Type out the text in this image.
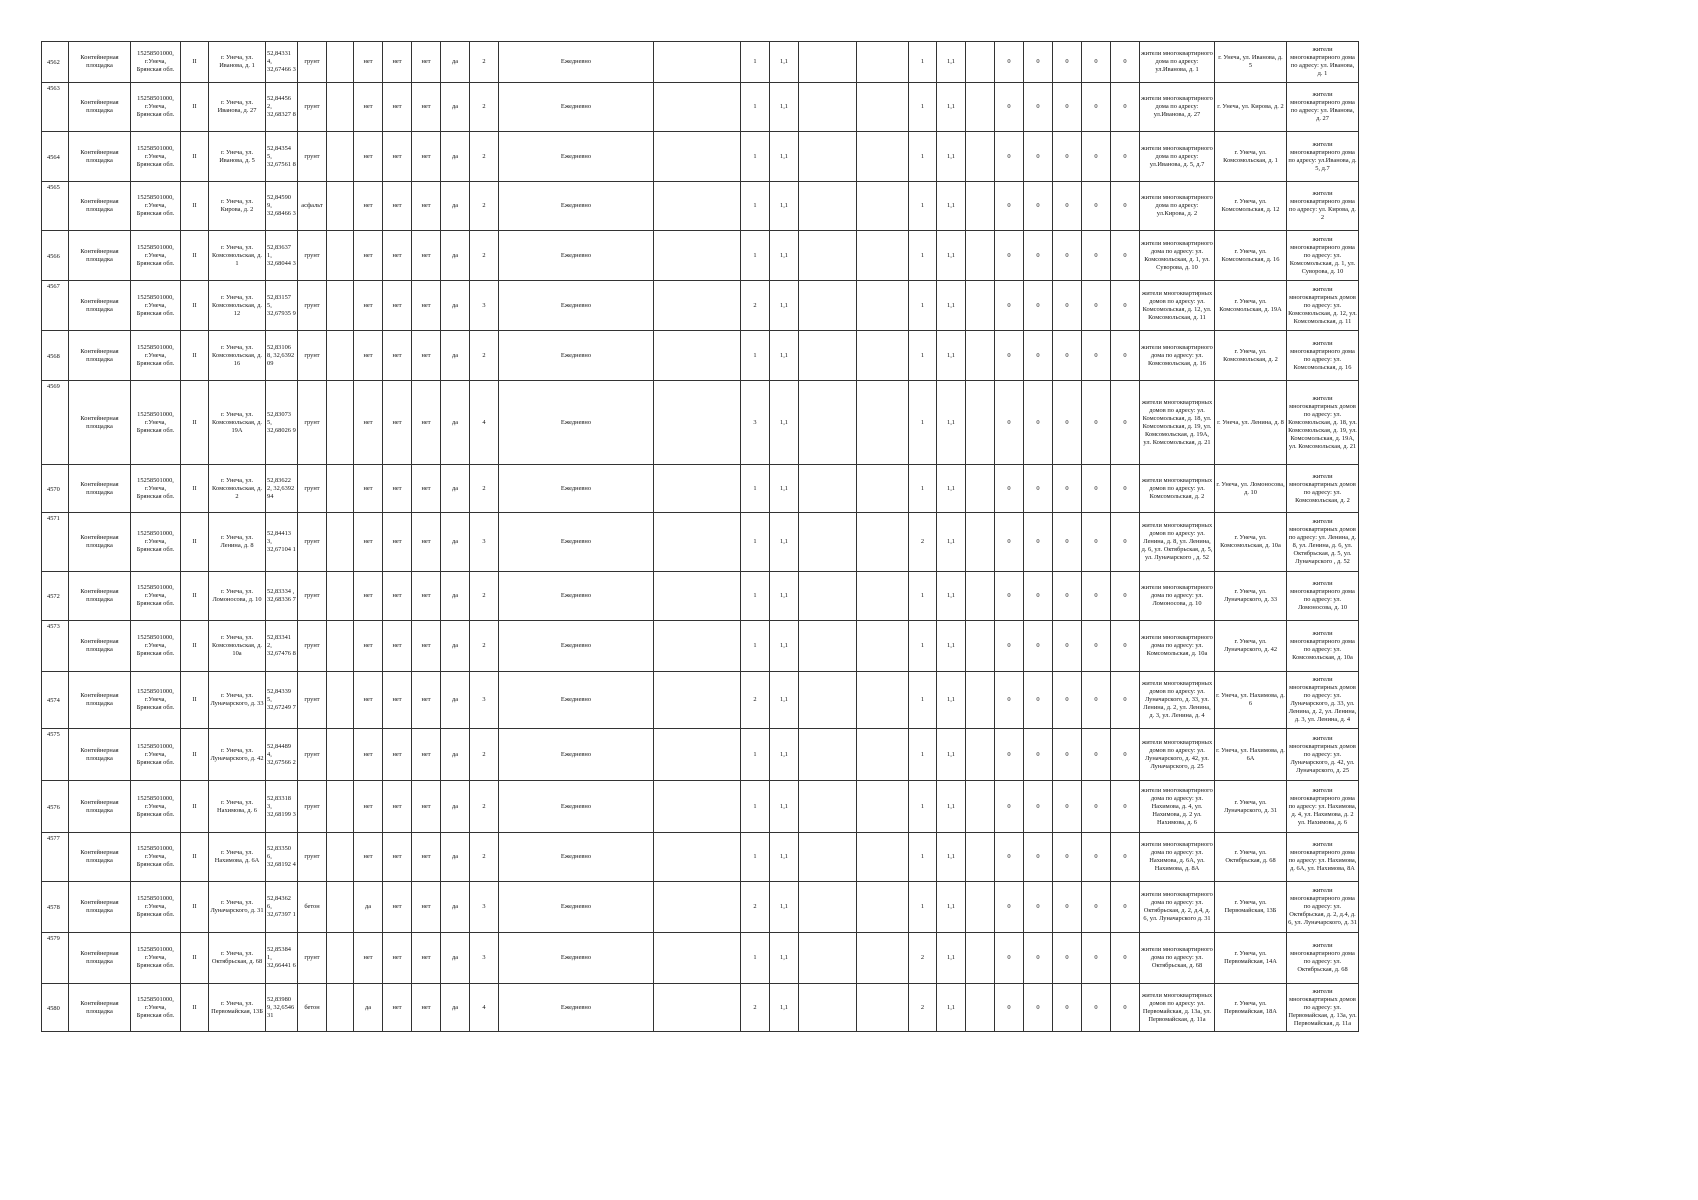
4562	Контейнерная площадка	15258501000, г.Унеча, Брянская обл.	II	г. Унеча, ул. Иванова, д. 1	52,84331 4, 32,67466 3	грунт		нет	нет	нет	да	2	Ежедневно		1	1,1			1	1,1		0	0	0	0	0	жители многоквартирного дома по адресу: ул.Иванова, д. 1	г. Унеча, ул. Иванова, д. 5	жители многоквартирного дома по адресу: ул. Иванова, д. 1
4563	Контейнерная площадка	15258501000, г.Унеча, Брянская обл.	II	г. Унеча, ул. Иванова, д. 27	52,84456 2, 32,68327 8	грунт		нет	нет	нет	да	2	Ежедневно		1	1,1			1	1,1		0	0	0	0	0	жители многоквартирного дома по адресу: ул.Иванова, д. 27	г. Унеча, ул. Кирова, д. 2	жители многоквартирного дома по адресу: ул. Иванова, д. 27
4564	Контейнерная площадка	15258501000, г.Унеча, Брянская обл.	II	г. Унеча, ул. Иванова, д. 5	52,84354 5, 32,67561 8	грунт		нет	нет	нет	да	2	Ежедневно		1	1,1			1	1,1		0	0	0	0	0	жители многоквартирного дома по адресу: ул.Иванова, д. 5, д.7	г. Унеча, ул. Комсомольская, д. 1	жители многоквартирного дома по адресу: ул.Иванова, д. 5, д.7
4565	Контейнерная площадка	15258501000, г.Унеча, Брянская обл.	II	г. Унеча, ул. Кирова, д. 2	52,84590 9, 32,68466 3	асфальт		нет	нет	нет	да	2	Ежедневно		1	1,1			1	1,1		0	0	0	0	0	жители многоквартирного дома по адресу: ул.Кирова, д. 2	г. Унеча, ул. Комсомольская, д. 12	жители многоквартирного дома по адресу: ул. Кирова, д. 2
4566	Контейнерная площадка	15258501000, г.Унеча, Брянская обл.	II	г. Унеча, ул. Комсомольская, д. 1	52,83637 1, 32,68044 3	грунт		нет	нет	нет	да	2	Ежедневно		1	1,1			1	1,1		0	0	0	0	0	жители многоквартирного дома по адресу: ул. Комсомольская, д. 1, ул. Суворова, д. 10	г. Унеча, ул. Комсомольская, д. 16	жители многоквартирного дома по адресу: ул. Комсомольская, д. 1, ул. Суворова, д. 10
4567	Контейнерная площадка	15258501000, г.Унеча, Брянская обл.	II	г. Унеча, ул. Комсомольская, д. 12	52,83157 5, 32,67935 9	грунт		нет	нет	нет	да	3	Ежедневно		2	1,1			1	1,1		0	0	0	0	0	жители многоквартирных домов по адресу: ул. Комсомольская, д. 12, ул. Комсомольская, д. 11	г. Унеча, ул. Комсомольская, д. 19А	жители многоквартирных домов по адресу: ул. Комсомольская, д. 12, ул. Комсомольская, д. 11
4568	Контейнерная площадка	15258501000, г.Унеча, Брянская обл.	II	г. Унеча, ул. Комсомольская, д. 16	52,83106 8, 32,6392 09	грунт		нет	нет	нет	да	2	Ежедневно		1	1,1			1	1,1		0	0	0	0	0	жители многоквартирного дома по адресу: ул. Комсомольская, д. 16	г. Унеча, ул. Комсомольская, д. 2	жители многоквартирного дома по адресу: ул. Комсомольская, д. 16
4569	Контейнерная площадка	15258501000, г.Унеча, Брянская обл.	II	г. Унеча, ул. Комсомольская, д. 19А	52,83073 5, 32,68026 9	грунт		нет	нет	нет	да	4	Ежедневно		3	1,1			1	1,1		0	0	0	0	0	жители многоквартирных домов по адресу: ул. Комсомольская, д. 18, ул. Комсомольская, д. 19, ул. Комсомольская, д. 19А, ул. Комсомольская, д. 21	г. Унеча, ул. Ленина, д. 8	жители многоквартирных домов по адресу: ул. Комсомольская, д. 18, ул. Комсомольская, д. 19, ул. Комсомольская, д. 19А, ул. Комсомольская, д. 21
4570	Контейнерная площадка	15258501000, г.Унеча, Брянская обл.	II	г. Унеча, ул. Комсомольская, д. 2	52,83622 2, 32,6392 94	грунт		нет	нет	нет	да	2	Ежедневно		1	1,1			1	1,1		0	0	0	0	0	жители многоквартирных домов по адресу: ул. Комсомольская, д. 2	г. Унеча, ул. Ломоносова, д. 10	жители многоквартирных домов по адресу: ул. Комсомольская, д. 2
4571	Контейнерная площадка	15258501000, г.Унеча, Брянская обл.	II	г. Унеча, ул. Ленина, д. 8	52,84413 3, 32,67104 1	грунт		нет	нет	нет	да	3	Ежедневно		1	1,1			2	1,1		0	0	0	0	0	жители многоквартирных домов по адресу: ул. Ленина, д. 8, ул. Ленина, д. 6, ул. Октябрьская, д. 5, ул. Луначарского , д. 52	г. Унеча, ул. Комсомольская, д. 10а	жители многоквартирных домов по адресу: ул. Ленина, д. 8, ул. Ленина, д. 6, ул. Октябрьская, д. 5, ул. Луначарского , д. 52
4572	Контейнерная площадка	15258501000, г.Унеча, Брянская обл.	II	г. Унеча, ул. Ломоносова, д. 10	52,83334 , 32,68336 7	грунт		нет	нет	нет	да	2	Ежедневно		1	1,1			1	1,1		0	0	0	0	0	жители многоквартирного дома по адресу: ул. Ломоносова, д. 10	г. Унеча, ул. Луначарского, д. 33	жители многоквартирного дома по адресу: ул. Ломоносова, д. 10
4573	Контейнерная площадка	15258501000, г.Унеча, Брянская обл.	II	г. Унеча, ул. Комсомольская, д. 10а	52,83341 2, 32,67476 8	грунт		нет	нет	нет	да	2	Ежедневно		1	1,1			1	1,1		0	0	0	0	0	жители многоквартирного дома по адресу: ул. Комсомольская, д. 10а	г. Унеча, ул. Луначарского, д. 42	жители многоквартирного дома по адресу: ул. Комсомольская, д. 10а
4574	Контейнерная площадка	15258501000, г.Унеча, Брянская обл.	II	г. Унеча, ул. Луначарского, д. 33	52,84339 5, 32,67249 7	грунт		нет	нет	нет	да	3	Ежедневно		2	1,1			1	1,1		0	0	0	0	0	жители многоквартирных домов по адресу: ул. Луначарского, д. 33, ул. Ленина, д. 2, ул. Ленина, д. 3, ул. Ленина, д. 4	г. Унеча, ул. Нахимова, д. 6	жители многоквартирных домов по адресу: ул. Луначарского, д. 33, ул. Ленина, д. 2, ул. Ленина, д. 3, ул. Ленина, д. 4
4575	Контейнерная площадка	15258501000, г.Унеча, Брянская обл.	II	г. Унеча, ул. Луначарского, д. 42	52,84489 4, 32,67566 2	грунт		нет	нет	нет	да	2	Ежедневно		1	1,1			1	1,1		0	0	0	0	0	жители многоквартирных домов по адресу: ул. Луначарского, д. 42, ул. Луначарского, д. 25	г. Унеча, ул. Нахимова, д. 6А	жители многоквартирных домов по адресу: ул. Луначарского, д. 42, ул. Луначарского, д. 25
4576	Контейнерная площадка	15258501000, г.Унеча, Брянская обл.	II	г. Унеча, ул. Нахимова, д. 6	52,83318 3, 32,68199 3	грунт		нет	нет	нет	да	2	Ежедневно		1	1,1			1	1,1		0	0	0	0	0	жители многоквартирного дома по адресу: ул. Нахимова, д. 4, ул. Нахимова, д. 2 ул. Нахимова, д. 6	г. Унеча, ул. Луначарского, д. 31	жители многоквартирного дома по адресу: ул. Нахимова, д. 4, ул. Нахимова, д. 2 ул. Нахимова, д. 6
4577	Контейнерная площадка	15258501000, г.Унеча, Брянская обл.	II	г. Унеча, ул. Нахимова, д. 6А	52,83350 6, 32,68192 4	грунт		нет	нет	нет	да	2	Ежедневно		1	1,1			1	1,1		0	0	0	0	0	жители многоквартирного дома по адресу: ул. Нахимова, д. 6А, ул. Нахимова, д. 8А	г. Унеча, ул. Октябрьская, д. 68	жители многоквартирного дома по адресу: ул. Нахимова, д. 6А, ул. Нахимова, 8А
4578	Контейнерная площадка	15258501000, г.Унеча, Брянская обл.	II	г. Унеча, ул. Луначарского, д. 31	52,84362 6, 32,67397 1	бетон		да	нет	нет	да	3	Ежедневно		2	1,1			1	1,1		0	0	0	0	0	жители многоквартирного дома по адресу: ул. Октябрьская, д. 2, д.4, д. 6, ул. Луначарского д. 31	г. Унеча, ул. Первомайская, 13Б	жители многоквартирного дома по адресу: ул. Октябрьская, д. 2, д.4, д. 6, ул. Луначарского, д. 31
4579	Контейнерная площадка	15258501000, г.Унеча, Брянская обл.	II	г. Унеча, ул. Октябрьская, д. 68	52,85384 1, 32,66441 6	грунт		нет	нет	нет	да	3	Ежедневно		1	1,1			2	1,1		0	0	0	0	0	жители многоквартирного дома по адресу: ул. Октябрьская, д. 68	г. Унеча, ул. Первомайская, 14А	жители многоквартирного дома по адресу: ул. Октябрьская, д. 68
4580	Контейнерная площадка	15258501000, г.Унеча, Брянская обл.	II	г. Унеча, ул. Первомайская, 13Б	52,83980 9, 32,6546 31	бетон		да	нет	нет	да	4	Ежедневно		2	1,1			2	1,1		0	0	0	0	0	жители многоквартирных домов по адресу: ул. Первомайская, д. 13а, ул. Первомайская, д. 11а	г. Унеча, ул. Первомайская, 18А	жители многоквартирных домов по адресу: ул. Первомайская, д. 13а, ул. Первомайская, д. 11а
